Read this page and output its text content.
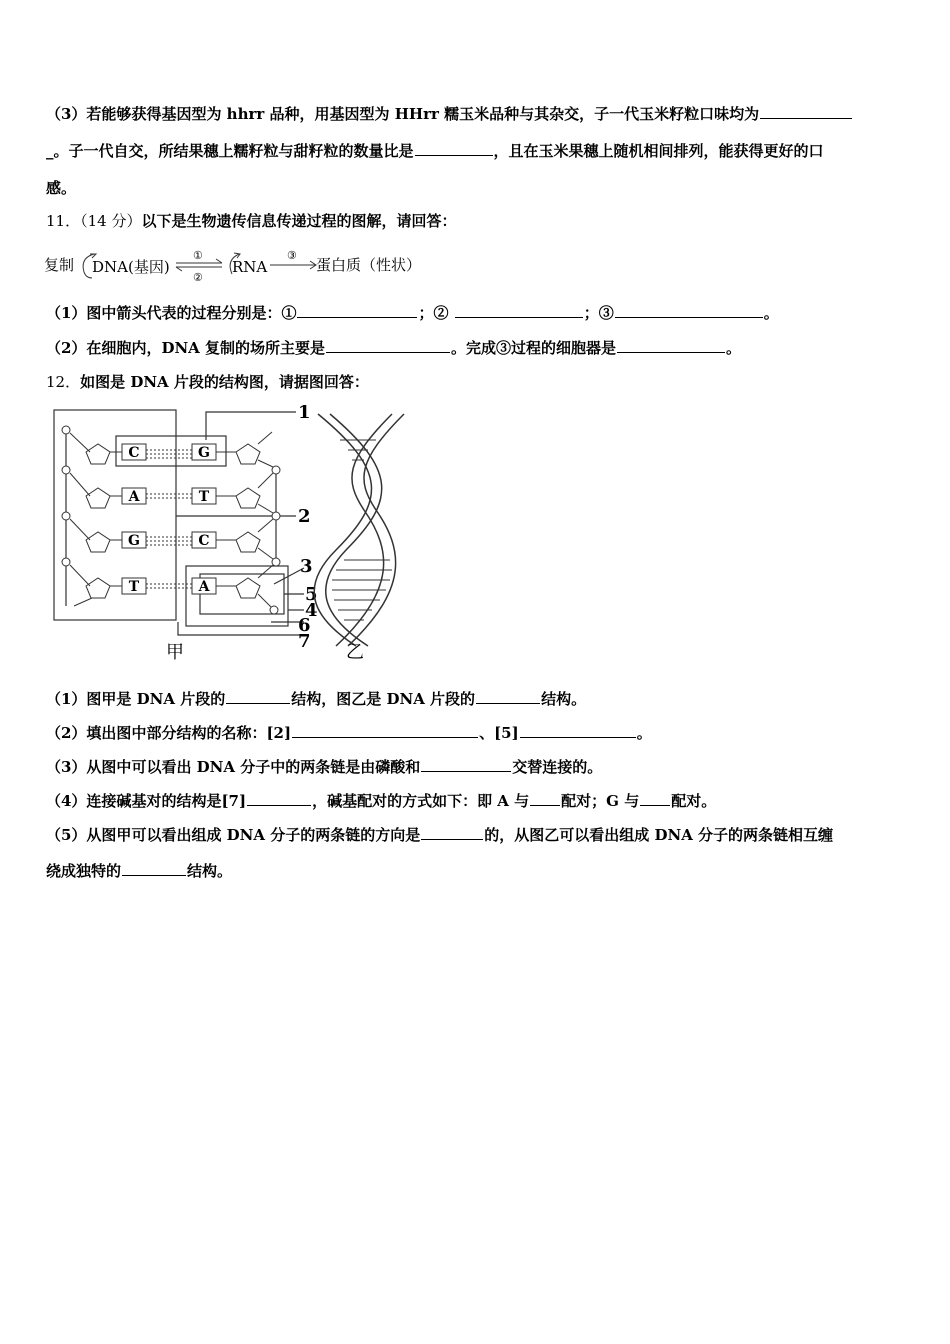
（3）若能够获得基因型为 hhrr 品种，用基因型为 HHrr 糯玉米品种与其杂交，子一代玉米籽粒口味均为
_。子一代自交，所结果穗上糯籽粒与甜籽粒的数量比是	，且在玉米果穗上随机相间排列，能获得更好的口
感。
11．（14 分）以下是生物遗传信息传递过程的图解，请回答：
复制 DNA(基因)
①
②
RNA
③
蛋白质（性状）
（1）图中箭头代表的过程分别是：①	；②	；③	。
（2）在细胞内，DNA 复制的场所主要是	。完成③过程的细胞器是	。
12．如图是 DNA 片段的结构图，请据图回答：
C	G
A	T
G	C
T	A
1
2
3
4
5
6
7
甲	乙
（1）图甲是 DNA 片段的	结构，图乙是 DNA 片段的	结构。
（2）填出图中部分结构的名称：[2]	、[5]	。
（3）从图中可以看出 DNA 分子中的两条链是由磷酸和	交替连接的。
（4）连接碱基对的结构是[7]	，碱基配对的方式如下：即 A 与 配对；G 与 配对。
（5）从图甲可以看出组成 DNA 分子的两条链的方向是	的，从图乙可以看出组成 DNA 分子的两条链相互缠
绕成独特的	结构。
